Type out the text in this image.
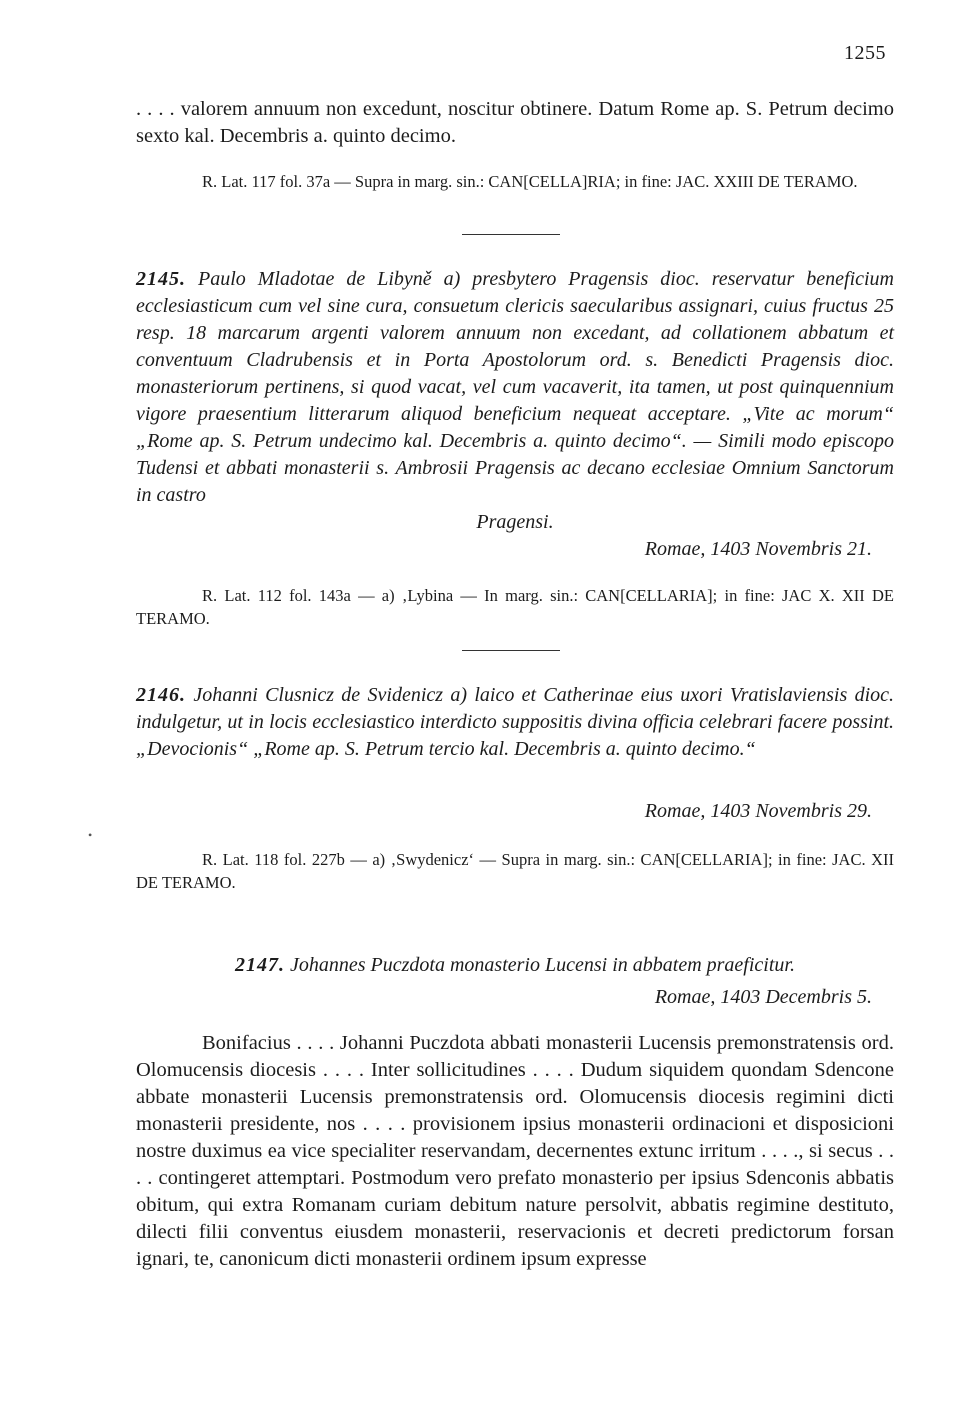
1255
. . . . valorem annuum non excedunt, noscitur obtinere. Datum Rome ap. S. Petrum decimo sexto kal. Decembris a. quinto decimo.
R. Lat. 117 fol. 37a — Supra in marg. sin.: CAN[CELLA]RIA; in fine: JAC. XXIII DE TERAMO.
2145. Paulo Mladotae de Libyně a) presbytero Pragensis dioc. reservatur beneficium ecclesiasticum cum vel sine cura, consuetum clericis saecularibus assignari, cuius fructus 25 resp. 18 marcarum argenti valorem annuum non excedant, ad collationem abbatum et conventuum Cladrubensis et in Porta Apostolorum ord. s. Benedicti Pragensis dioc. monasteriorum pertinens, si quod vacat, vel cum vacaverit, ita tamen, ut post quinquennium vigore praesentium litterarum aliquod beneficium nequeat acceptare. „Vite ac morum“ „Rome ap. S. Petrum undecimo kal. Decembris a. quinto decimo“. — Simili modo episcopo Tudensi et abbati monasterii s. Ambrosii Pragensis ac decano ecclesiae Omnium Sanctorum in castro
Pragensi.
Romae, 1403 Novembris 21.
R. Lat. 112 fol. 143a — a) ‚Lybina — In marg. sin.: CAN[CELLARIA]; in fine: JAC X. XII DE TERAMO.
2146. Johanni Clusnicz de Svidenicz a) laico et Catherinae eius uxori Vratislaviensis dioc. indulgetur, ut in locis ecclesiastico interdicto suppositis divina officia celebrari facere possint. „Devocionis“ „Rome ap. S. Petrum tercio kal. Decembris a. quinto decimo.“
Romae, 1403 Novembris 29.
•
R. Lat. 118 fol. 227b — a) ‚Swydenicz‘ — Supra in marg. sin.: CAN[CELLARIA]; in fine: JAC. XII DE TERAMO.
2147. Johannes Puczdota monasterio Lucensi in abbatem praeficitur.
Romae, 1403 Decembris 5.
Bonifacius . . . . Johanni Puczdota abbati monasterii Lucensis premonstratensis ord. Olomucensis diocesis . . . . Inter sollicitudines . . . . Dudum siquidem quondam Sdencone abbate monasterii Lucensis premonstratensis ord. Olomucensis diocesis regimini dicti monasterii presidente, nos . . . . provisionem ipsius monasterii ordinacioni et disposicioni nostre duximus ea vice specialiter reservandam, decernentes extunc irritum . . . ., si secus . . . . contingeret attemptari. Postmodum vero prefato monasterio per ipsius Sdenconis abbatis obitum, qui extra Romanam curiam debitum nature persolvit, abbatis regimine destituto, dilecti filii conventus eiusdem monasterii, reservacionis et decreti predictorum forsan ignari, te, canonicum dicti monasterii ordinem ipsum expresse
